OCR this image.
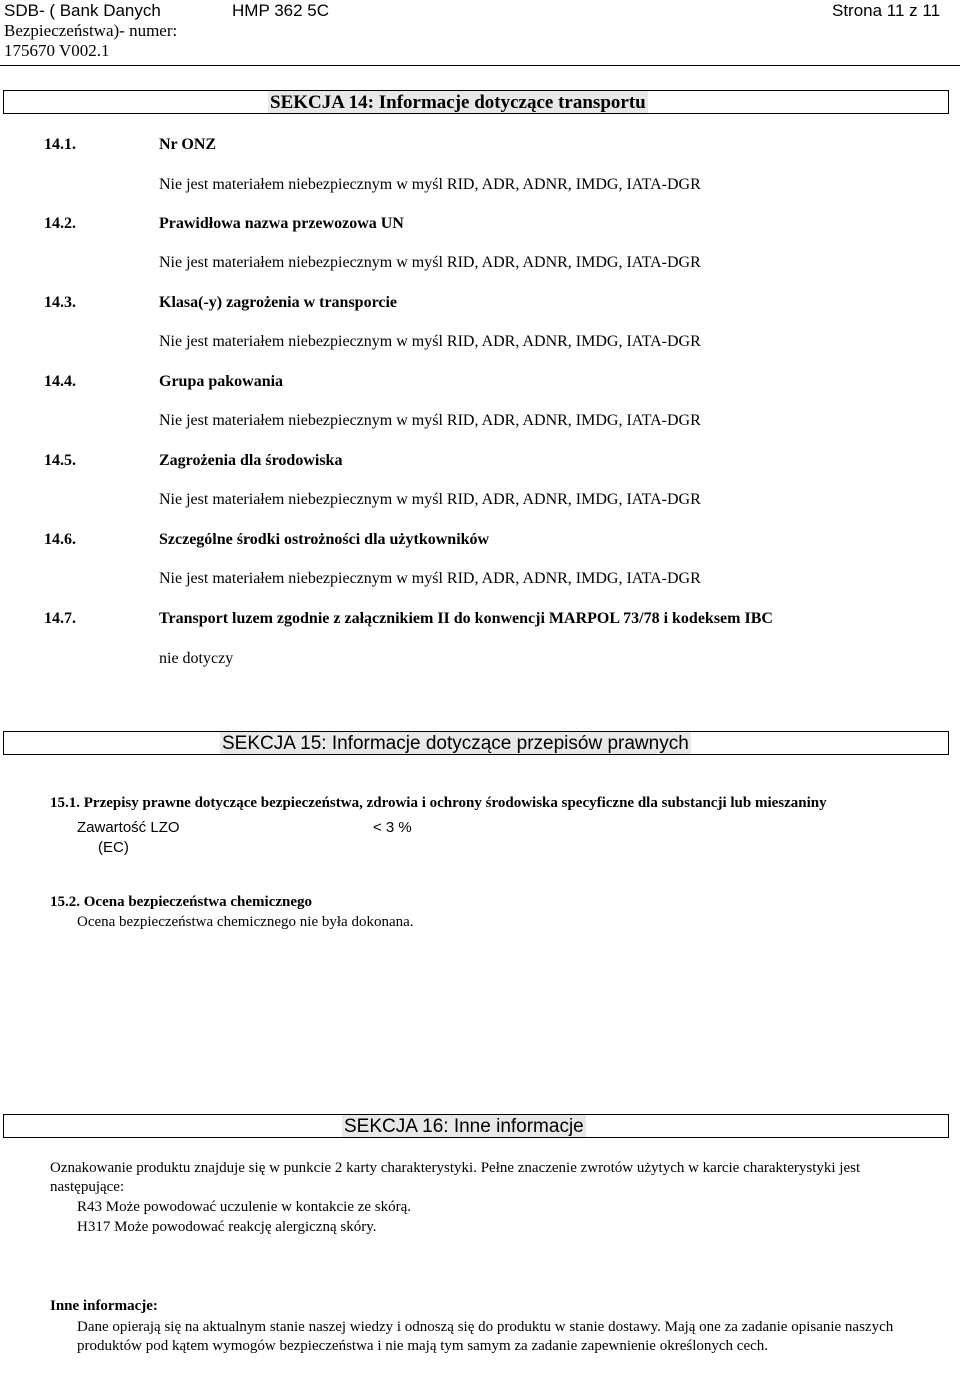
SDB- ( Bank Danych	HMP 362 5C	Strona 11 z 11
Bezpieczeństwa)- numer:
175670 V002.1
SEKCJA 14: Informacje dotyczące transportu
14.1.	Nr ONZ
Nie jest materiałem niebezpiecznym w myśl RID, ADR, ADNR, IMDG, IATA-DGR
14.2.	Prawidłowa nazwa przewozowa UN
Nie jest materiałem niebezpiecznym w myśl RID, ADR, ADNR, IMDG, IATA-DGR
14.3.	Klasa(-y) zagrożenia w transporcie
Nie jest materiałem niebezpiecznym w myśl RID, ADR, ADNR, IMDG, IATA-DGR
14.4.	Grupa pakowania
Nie jest materiałem niebezpiecznym w myśl RID, ADR, ADNR, IMDG, IATA-DGR
14.5.	Zagrożenia dla środowiska
Nie jest materiałem niebezpiecznym w myśl RID, ADR, ADNR, IMDG, IATA-DGR
14.6.	Szczególne środki ostrożności dla użytkowników
Nie jest materiałem niebezpiecznym w myśl RID, ADR, ADNR, IMDG, IATA-DGR
14.7.	Transport luzem zgodnie z załącznikiem II do konwencji MARPOL 73/78 i kodeksem IBC
nie dotyczy
SEKCJA 15: Informacje dotyczące przepisów prawnych
15.1. Przepisy prawne dotyczące bezpieczeństwa, zdrowia i ochrony środowiska specyficzne dla substancji lub mieszaniny
Zawartość LZO	< 3 %
(EC)
15.2. Ocena bezpieczeństwa chemicznego
Ocena bezpieczeństwa chemicznego nie była dokonana.
SEKCJA 16: Inne informacje
Oznakowanie produktu znajduje się w punkcie 2 karty charakterystyki. Pełne znaczenie zwrotów użytych w karcie charakterystyki jest następujące:
R43 Może powodować uczulenie w kontakcie ze skórą.
H317 Może powodować reakcję alergiczną skóry.
Inne informacje:
Dane opierają się na aktualnym stanie naszej wiedzy i odnoszą się do produktu w stanie dostawy. Mają one za zadanie opisanie naszych produktów pod kątem wymogów bezpieczeństwa i nie mają tym samym za zadanie zapewnienie określonych cech.
